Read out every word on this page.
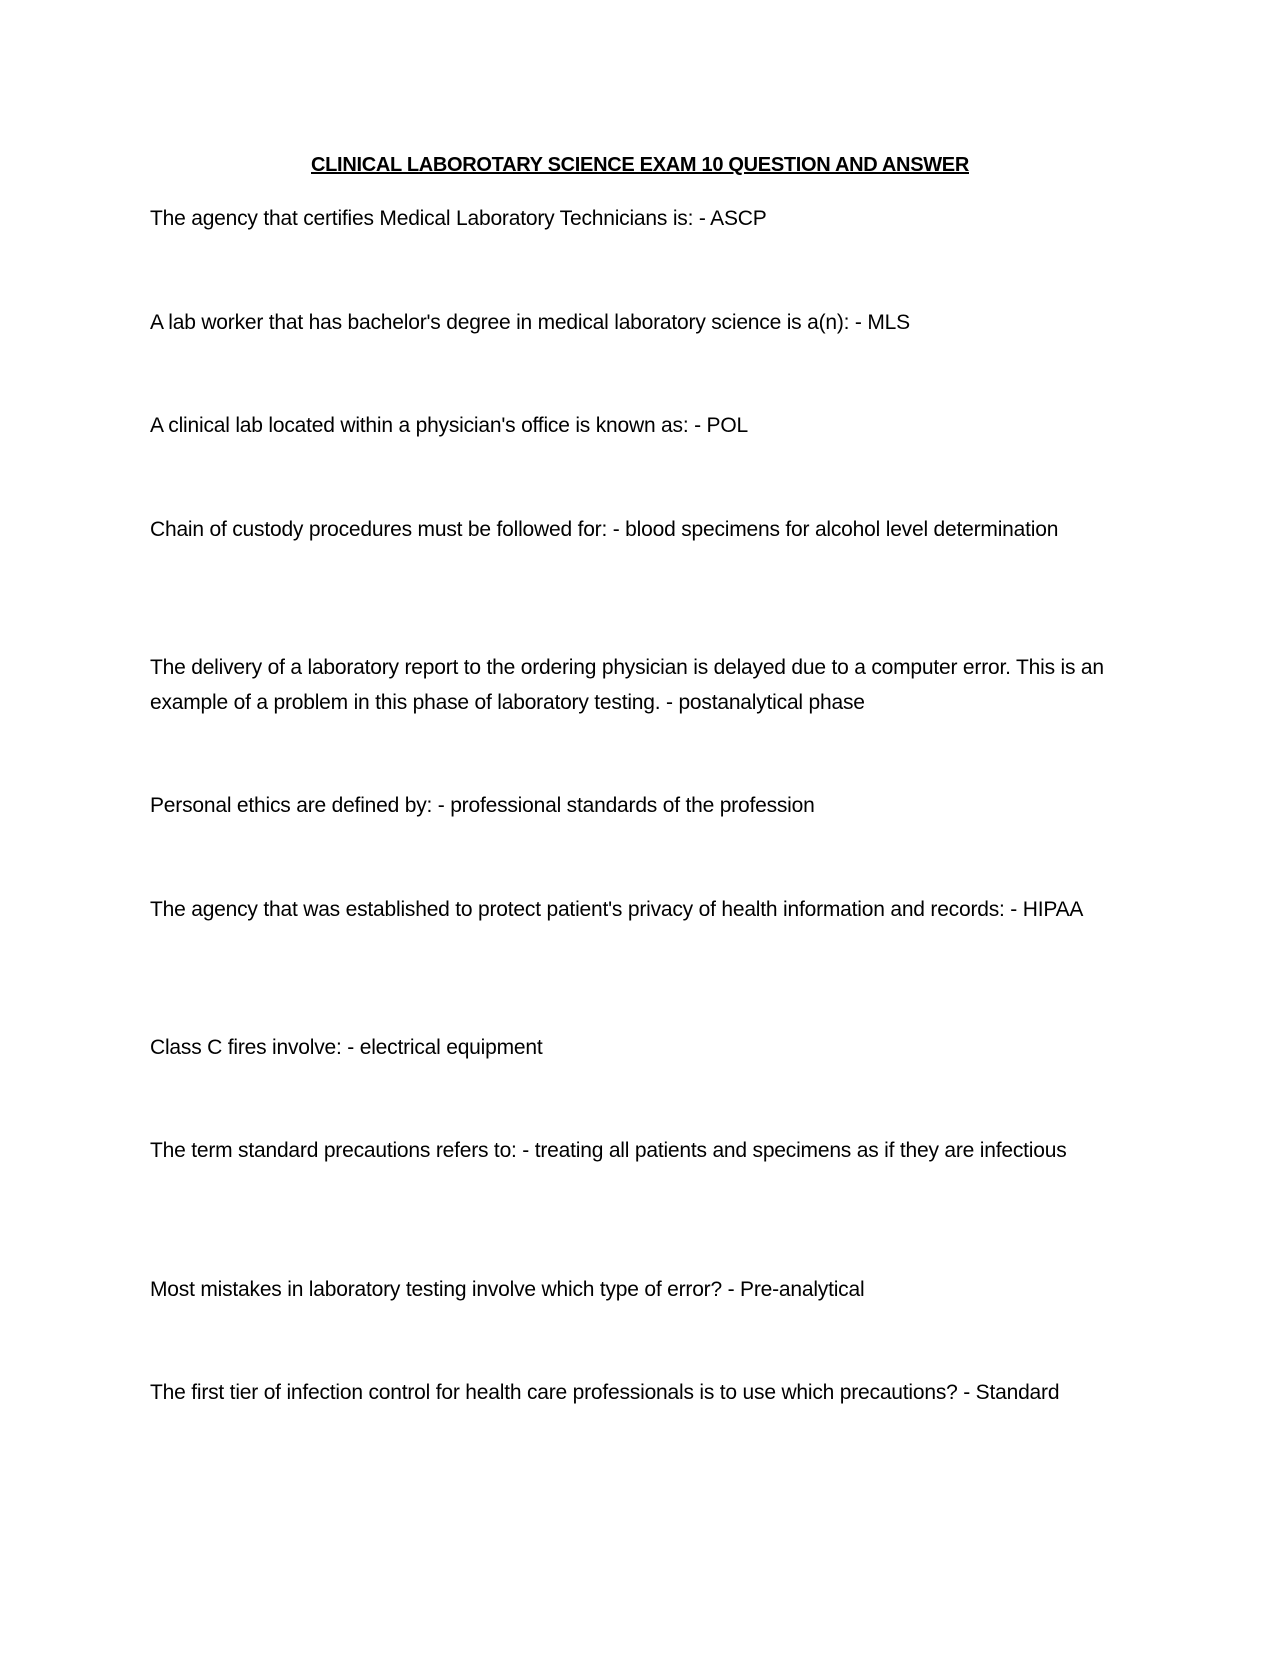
CLINICAL LABOROTARY SCIENCE EXAM 10 QUESTION AND ANSWER

The agency that certifies Medical Laboratory Technicians is: - ASCP

A lab worker that has bachelor's degree in medical laboratory science is a(n): - MLS

A clinical lab located within a physician's office is known as: - POL

Chain of custody procedures must be followed for: - blood specimens for alcohol level determination

The delivery of a laboratory report to the ordering physician is delayed due to a computer error. This is an example of a problem in this phase of laboratory testing. - postanalytical phase

Personal ethics are defined by: - professional standards of the profession

The agency that was established to protect patient's privacy of health information and records: - HIPAA

Class C fires involve: - electrical equipment

The term standard precautions refers to: - treating all patients and specimens as if they are infectious

Most mistakes in laboratory testing involve which type of error? - Pre-analytical

The first tier of infection control for health care professionals is to use which precautions? - Standard
